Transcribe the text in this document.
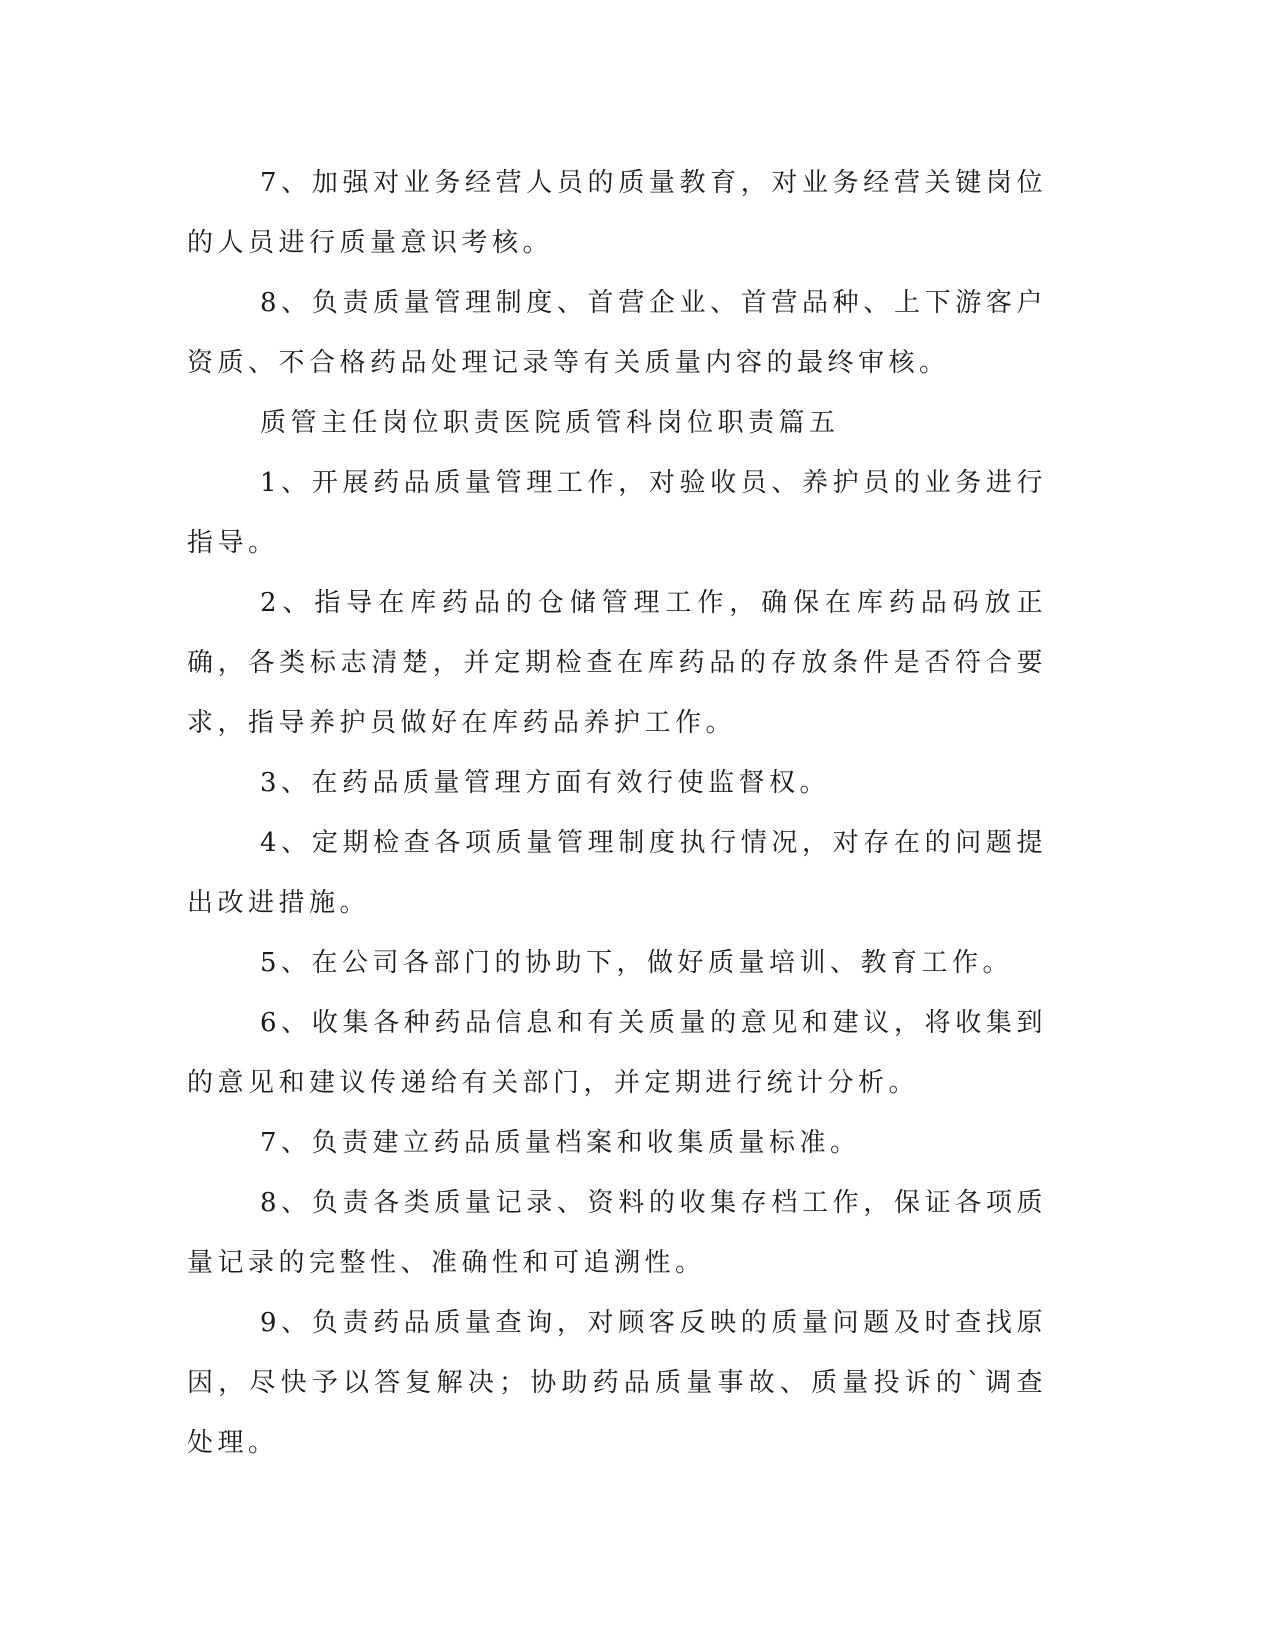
7、加强对业务经营人员的质量教育，对业务经营关键岗位的人员进行质量意识考核。

8、负责质量管理制度、首营企业、首营品种、上下游客户资质、不合格药品处理记录等有关质量内容的最终审核。

质管主任岗位职责医院质管科岗位职责篇五

1、开展药品质量管理工作，对验收员、养护员的业务进行指导。

2、指导在库药品的仓储管理工作，确保在库药品码放正确，各类标志清楚，并定期检查在库药品的存放条件是否符合要求，指导养护员做好在库药品养护工作。

3、在药品质量管理方面有效行使监督权。

4、定期检查各项质量管理制度执行情况，对存在的问题提出改进措施。

5、在公司各部门的协助下，做好质量培训、教育工作。

6、收集各种药品信息和有关质量的意见和建议，将收集到的意见和建议传递给有关部门，并定期进行统计分析。

7、负责建立药品质量档案和收集质量标准。

8、负责各类质量记录、资料的收集存档工作，保证各项质量记录的完整性、准确性和可追溯性。

9、负责药品质量查询，对顾客反映的质量问题及时查找原因，尽快予以答复解决；协助药品质量事故、质量投诉的`调查处理。
